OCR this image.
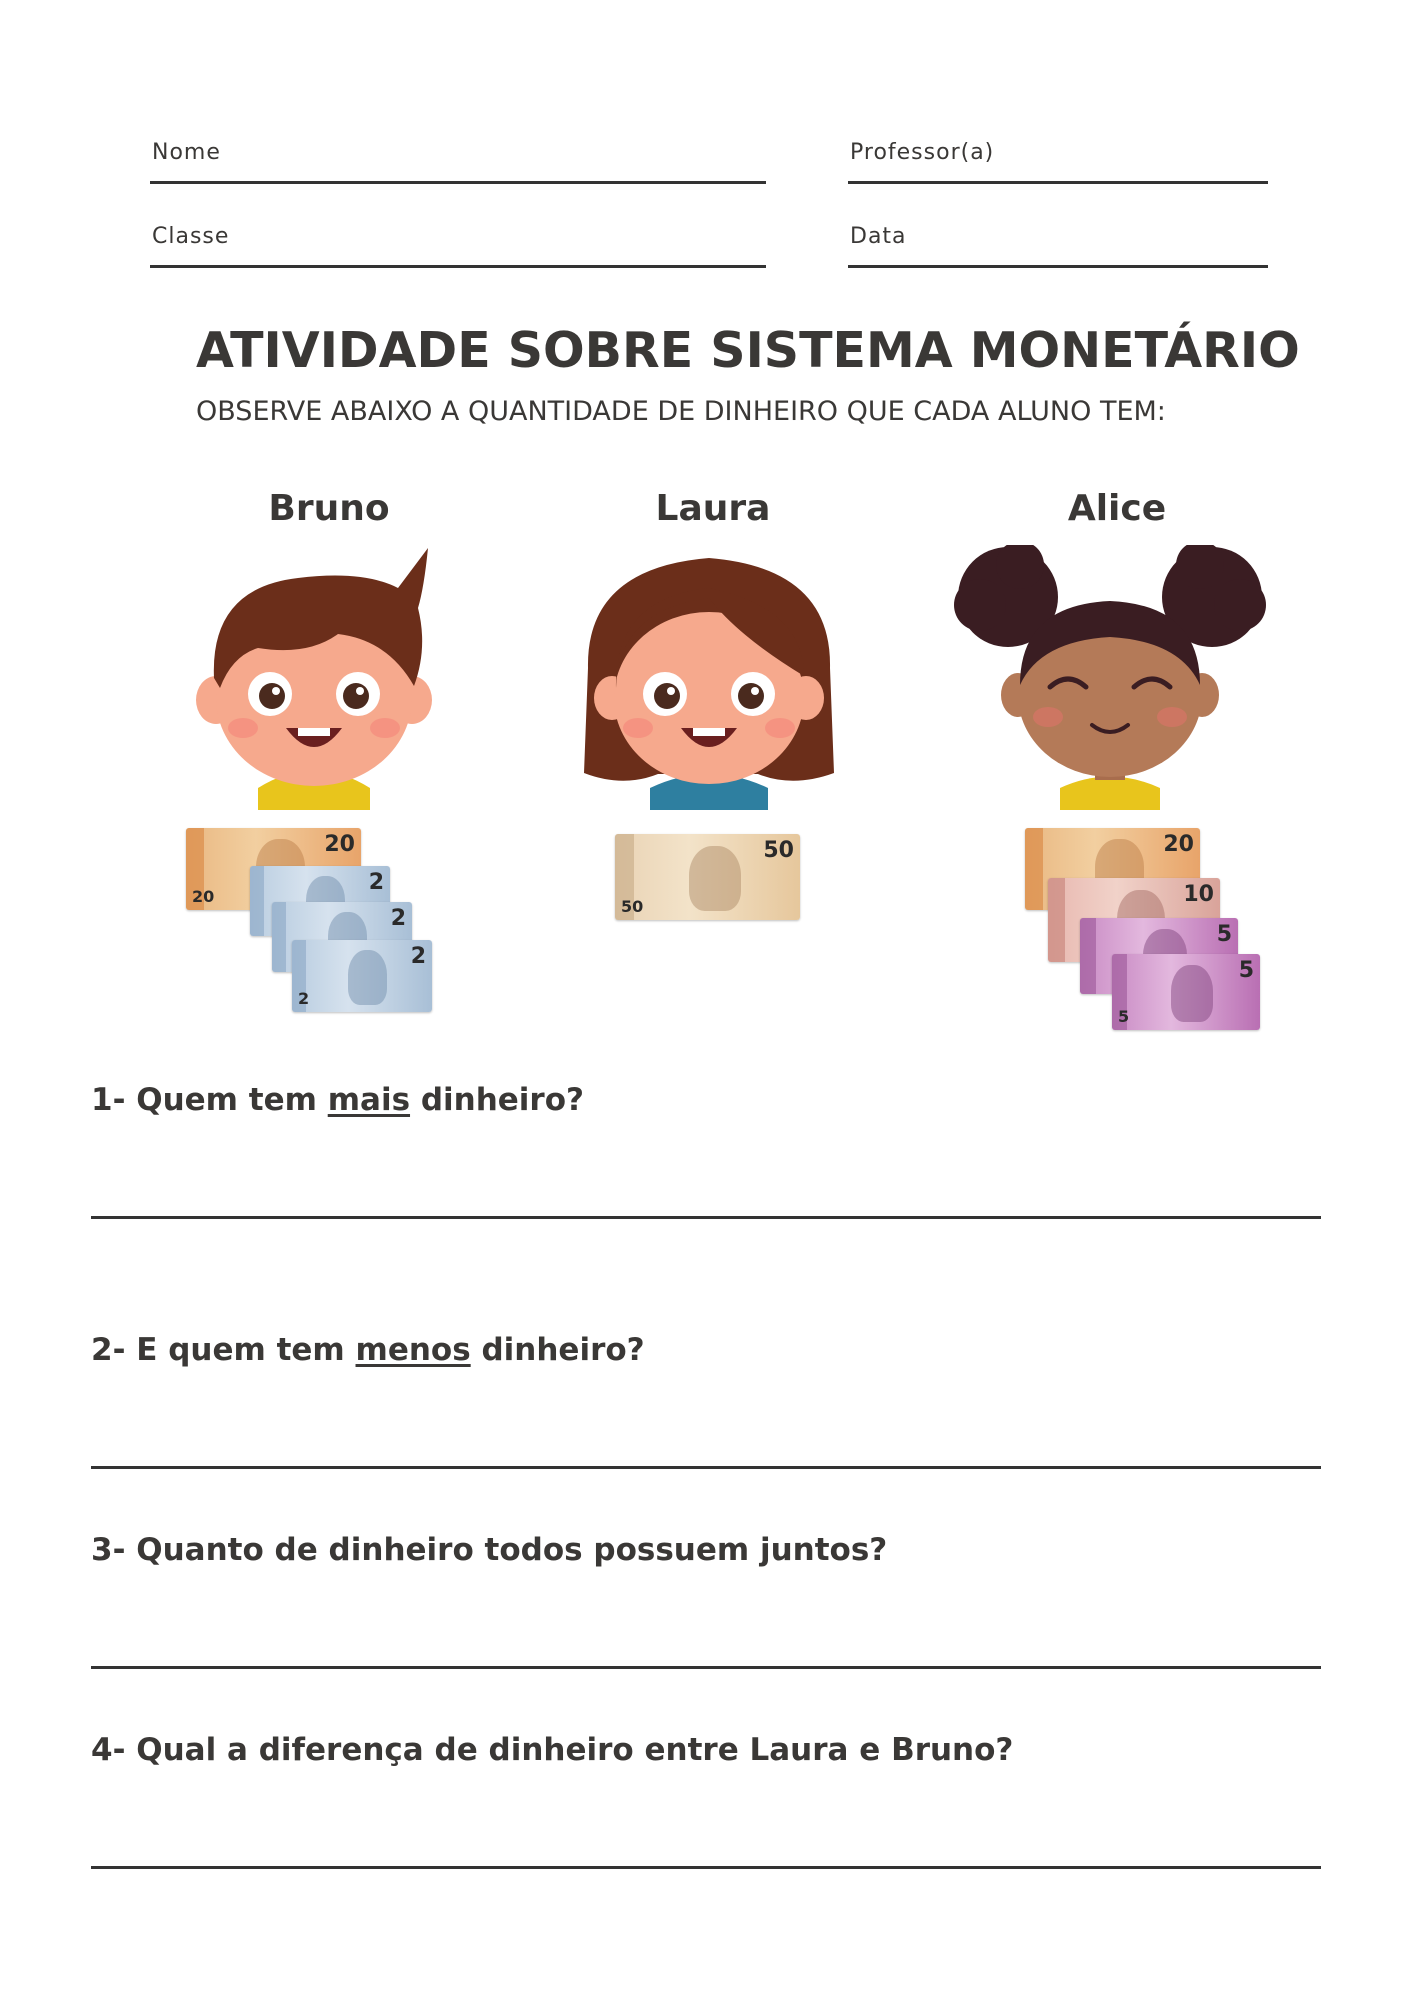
Nome	Professor(a)
Classe	Data
ATIVIDADE SOBRE SISTEMA MONETÁRIO
OBSERVE ABAIXO A QUANTIDADE DE DINHEIRO QUE CADA ALUNO TEM:
Bruno	Laura	Alice
20
20
2
2
2
2
50
50
20
10
5
5
5
1- Quem tem mais dinheiro?
2- E quem tem menos dinheiro?
3- Quanto de dinheiro todos possuem juntos?
4- Qual a diferença de dinheiro entre Laura e Bruno?
